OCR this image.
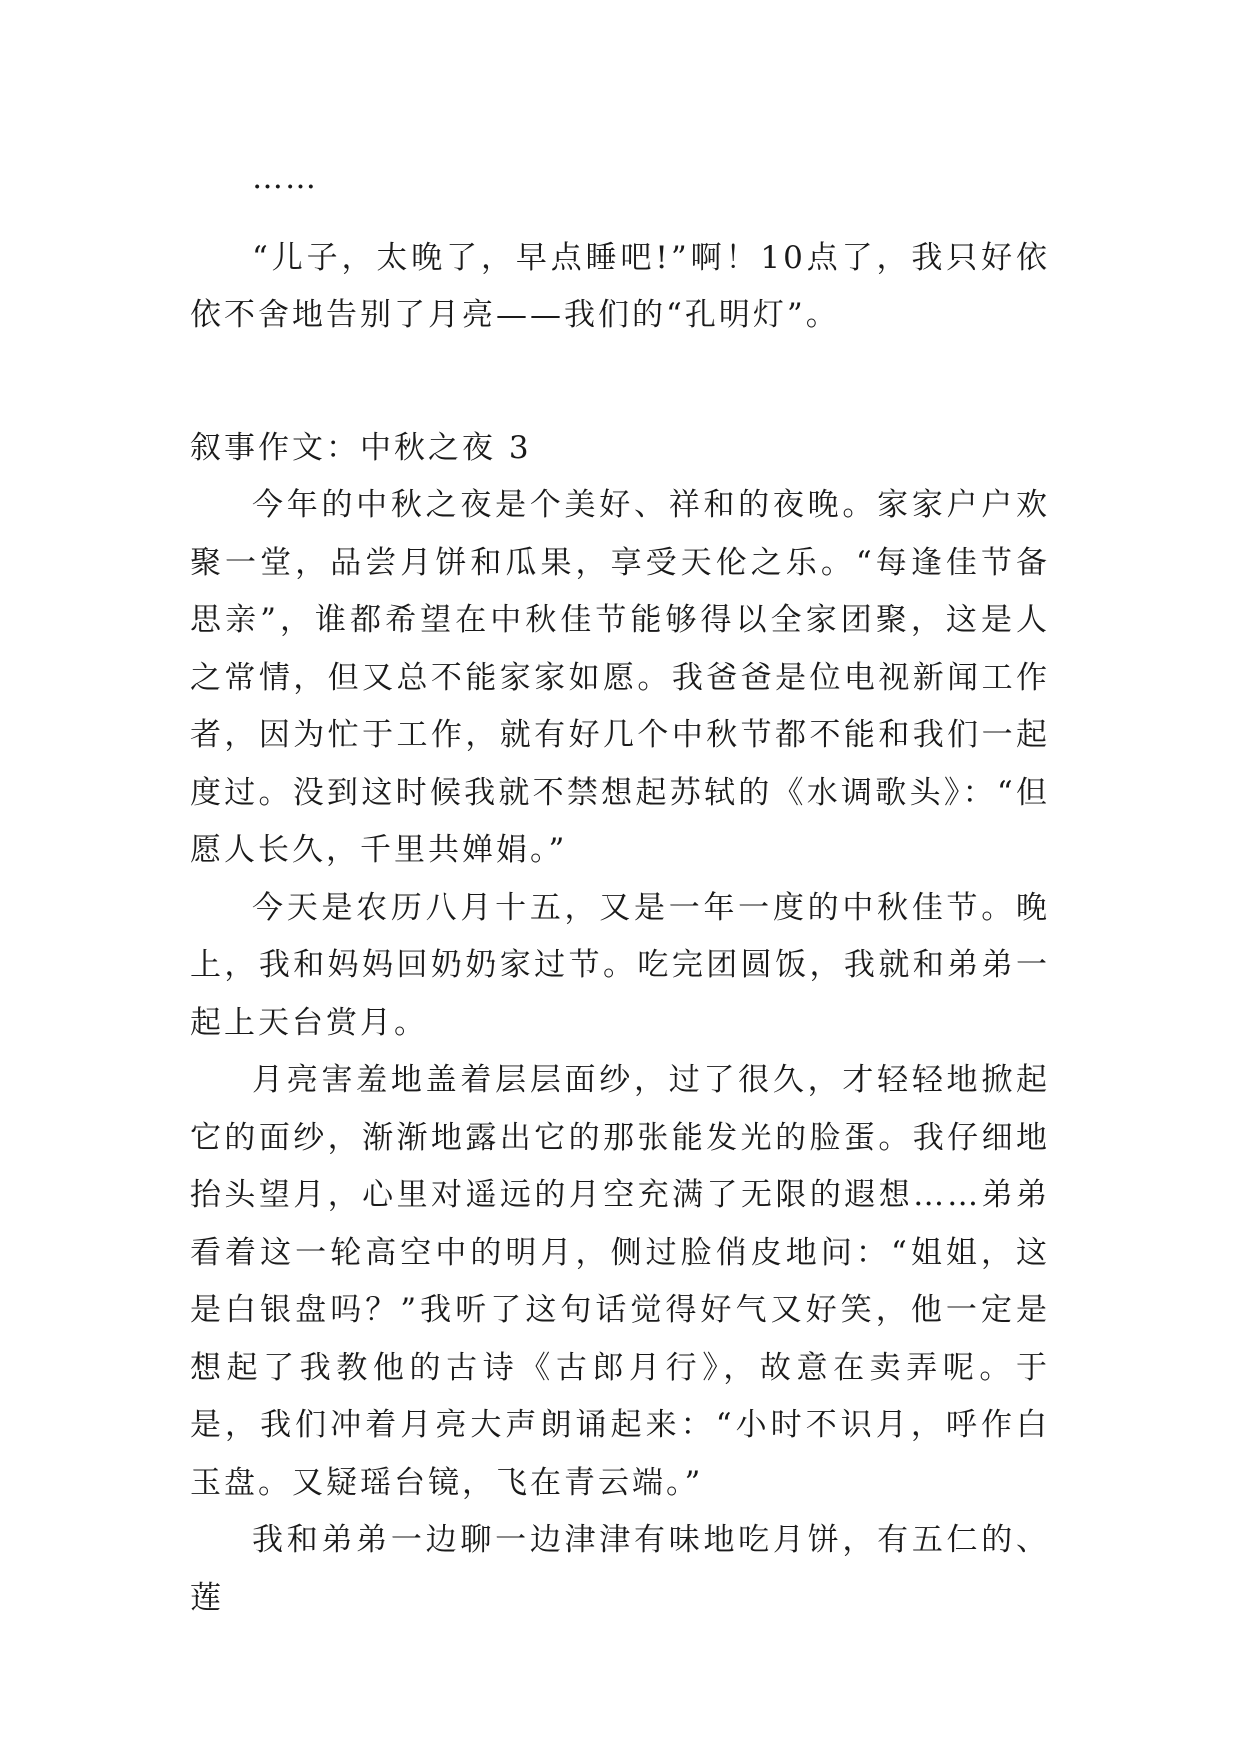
……

“儿子，太晚了，早点睡吧!”啊！10点了，我只好依依不舍地告别了月亮——我们的“孔明灯”。

叙事作文：中秋之夜 3

今年的中秋之夜是个美好、祥和的夜晚。家家户户欢聚一堂，品尝月饼和瓜果，享受天伦之乐。“每逢佳节备思亲”，谁都希望在中秋佳节能够得以全家团聚，这是人之常情，但又总不能家家如愿。我爸爸是位电视新闻工作者，因为忙于工作，就有好几个中秋节都不能和我们一起度过。没到这时候我就不禁想起苏轼的《水调歌头》：“但愿人长久，千里共婵娟。”

今天是农历八月十五，又是一年一度的中秋佳节。晚上，我和妈妈回奶奶家过节。吃完团圆饭，我就和弟弟一起上天台赏月。

月亮害羞地盖着层层面纱，过了很久，才轻轻地掀起它的面纱，渐渐地露出它的那张能发光的脸蛋。我仔细地抬头望月，心里对遥远的月空充满了无限的遐想……弟弟看着这一轮高空中的明月，侧过脸俏皮地问：“姐姐，这是白银盘吗？”我听了这句话觉得好气又好笑，他一定是想起了我教他的古诗《古郎月行》，故意在卖弄呢。于是，我们冲着月亮大声朗诵起来：“小时不识月，呼作白玉盘。又疑瑶台镜，飞在青云端。”

我和弟弟一边聊一边津津有味地吃月饼，有五仁的、莲
